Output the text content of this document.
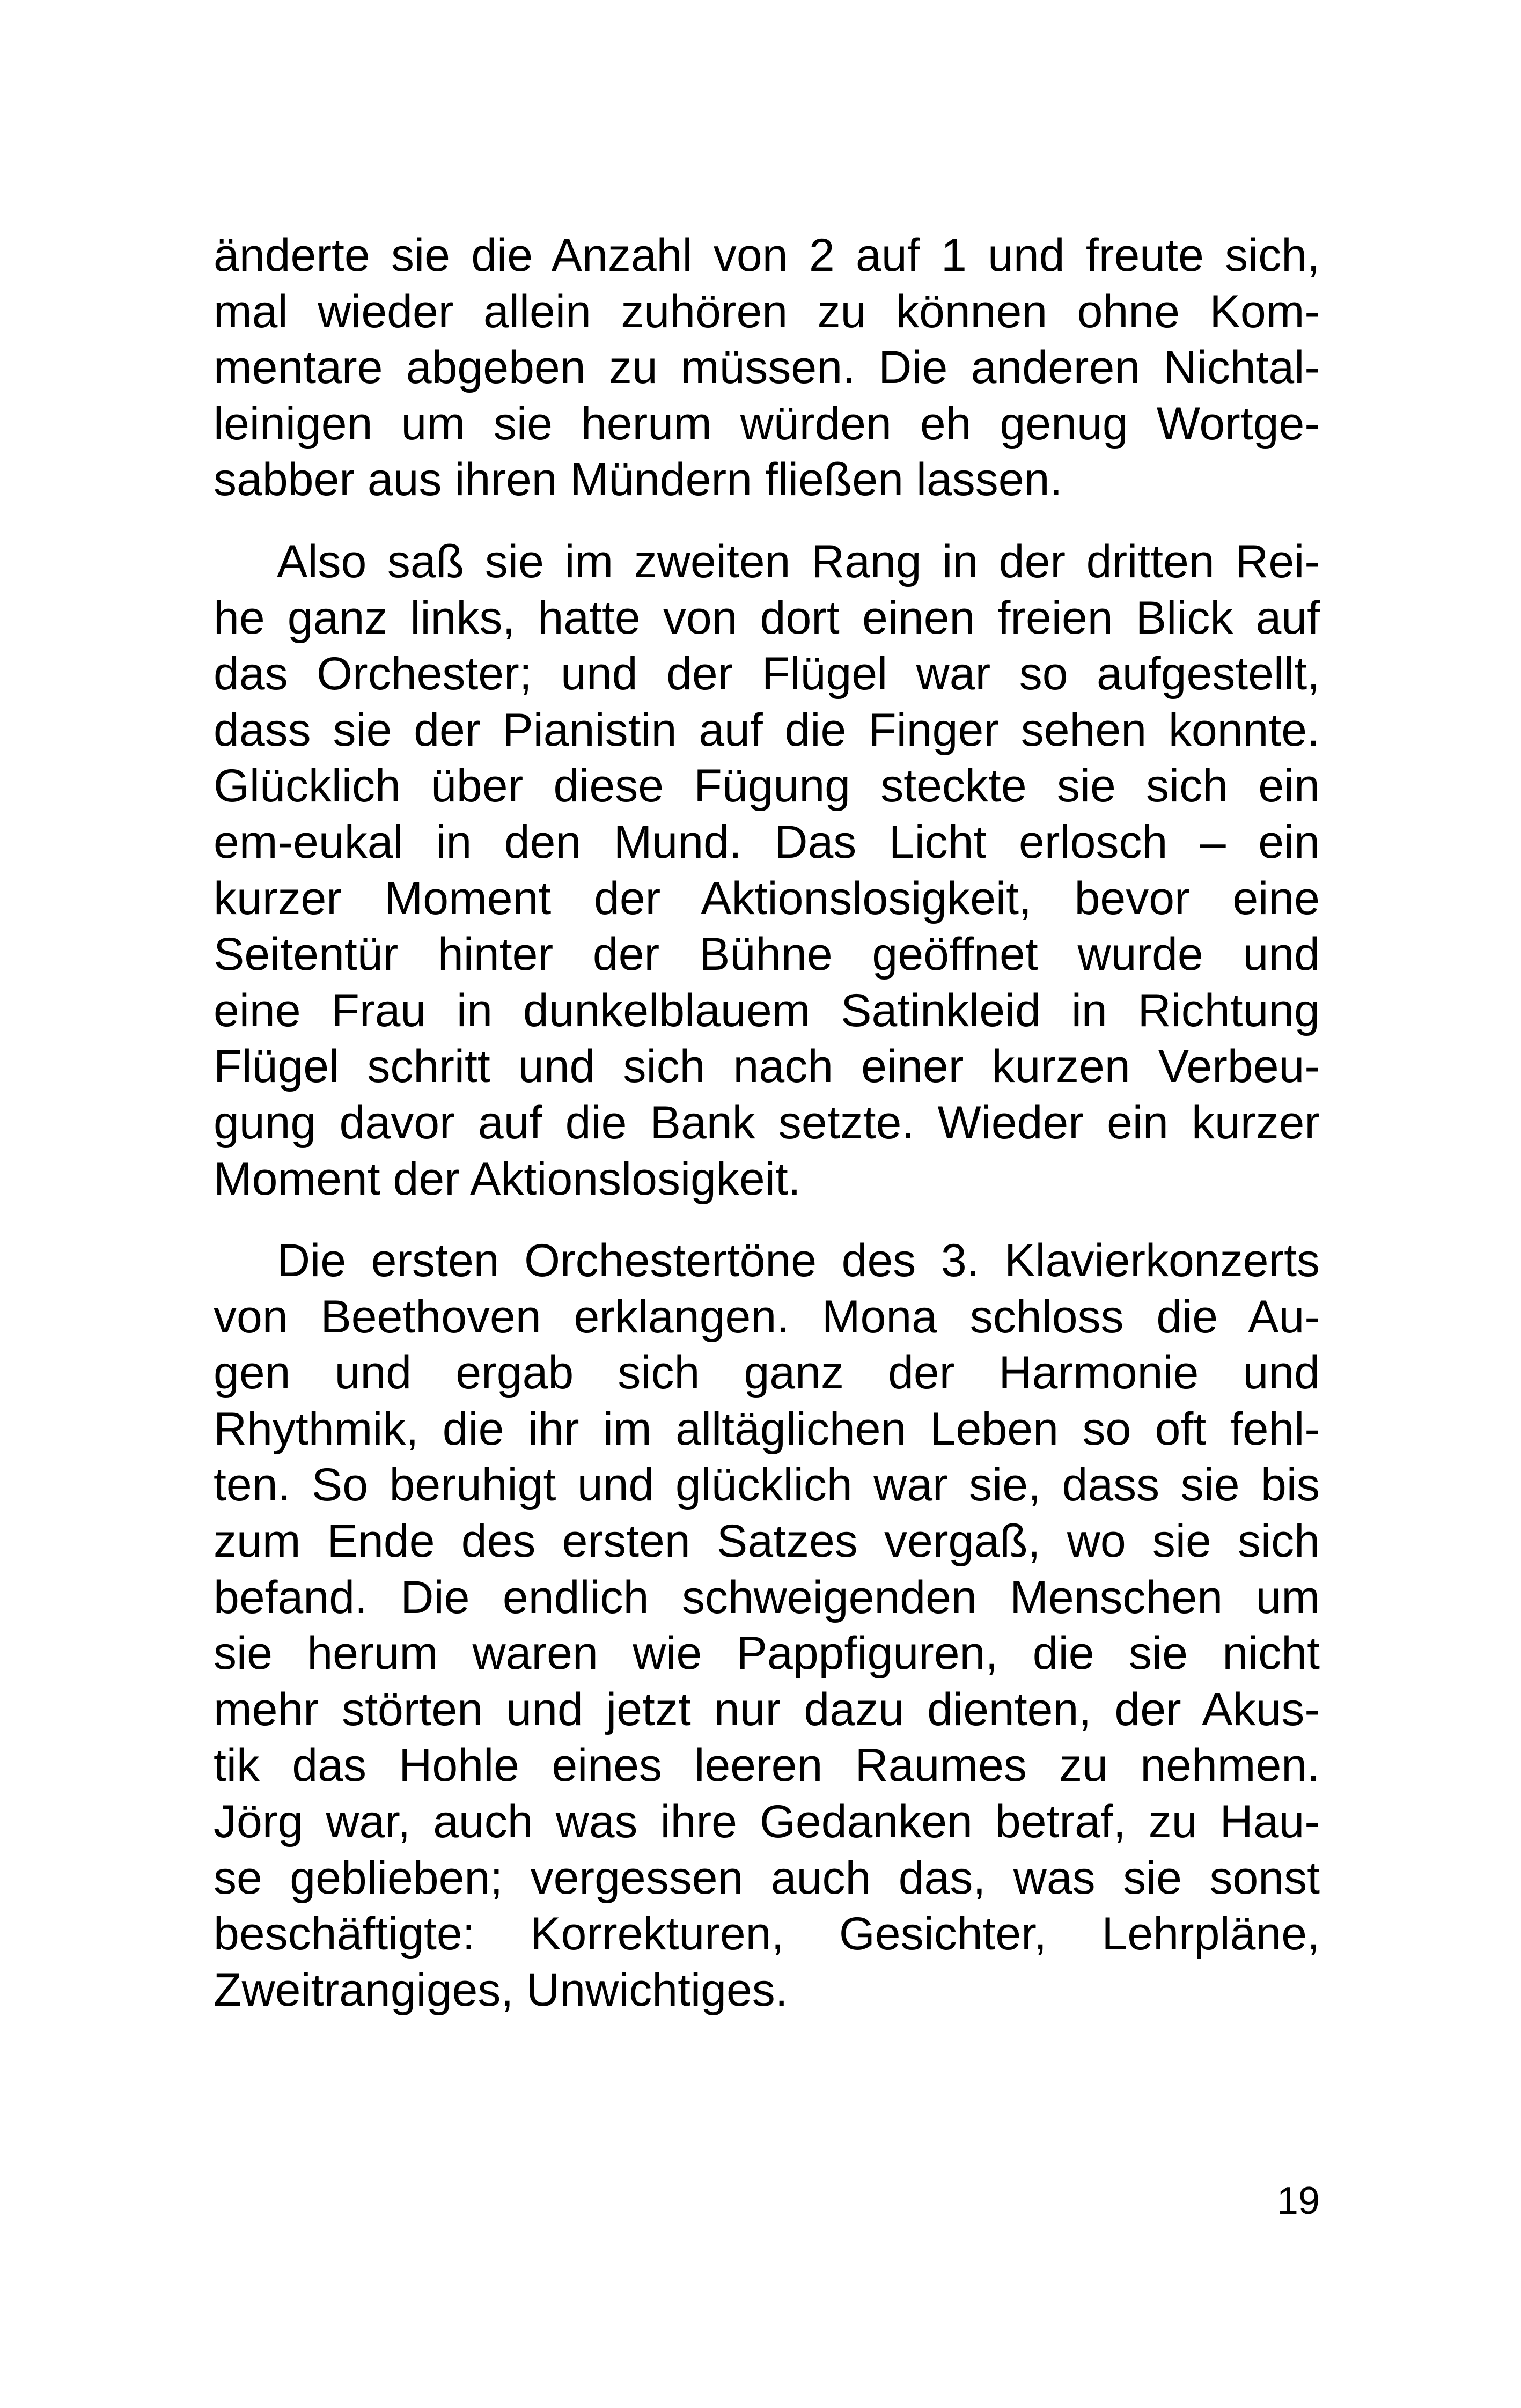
änderte sie die Anzahl von 2 auf 1 und freute sich,
mal wieder allein zuhören zu können ohne Kom-
mentare abgeben zu müssen. Die anderen Nichtal-
leinigen um sie herum würden eh genug Wortge-
sabber aus ihren Mündern fließen lassen.
Also saß sie im zweiten Rang in der dritten Rei-
he ganz links, hatte von dort einen freien Blick auf
das Orchester; und der Flügel war so aufgestellt,
dass sie der Pianistin auf die Finger sehen konnte.
Glücklich über diese Fügung steckte sie sich ein
em-eukal in den Mund. Das Licht erlosch – ein
kurzer Moment der Aktionslosigkeit, bevor eine
Seitentür hinter der Bühne geöffnet wurde und
eine Frau in dunkelblauem Satinkleid in Richtung
Flügel schritt und sich nach einer kurzen Verbeu-
gung davor auf die Bank setzte. Wieder ein kurzer
Moment der Aktionslosigkeit.
Die ersten Orchestertöne des 3. Klavierkonzerts
von Beethoven erklangen. Mona schloss die Au-
gen und ergab sich ganz der Harmonie und
Rhythmik, die ihr im alltäglichen Leben so oft fehl-
ten. So beruhigt und glücklich war sie, dass sie bis
zum Ende des ersten Satzes vergaß, wo sie sich
befand. Die endlich schweigenden Menschen um
sie herum waren wie Pappfiguren, die sie nicht
mehr störten und jetzt nur dazu dienten, der Akus-
tik das Hohle eines leeren Raumes zu nehmen.
Jörg war, auch was ihre Gedanken betraf, zu Hau-
se geblieben; vergessen auch das, was sie sonst
beschäftigte: Korrekturen, Gesichter, Lehrpläne,
Zweitrangiges, Unwichtiges.
19
